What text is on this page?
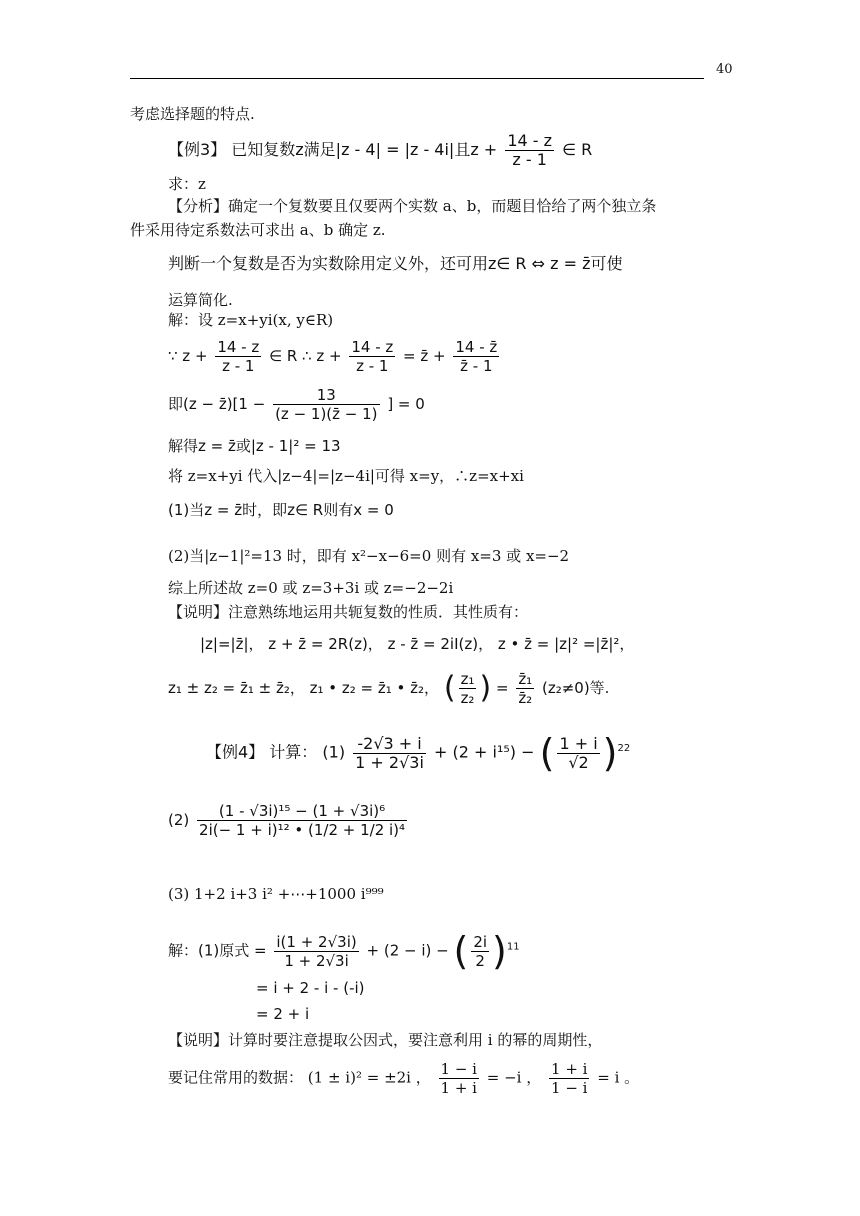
40
考虑选择题的特点.
【例3】 已知复数z满足|z - 4| = |z - 4i|且$z + \frac{14 - z}{z - 1}$ ∈ R
求：z
【分析】确定一个复数要且仅要两个实数 a、b，而题目恰给了两个独立条
件采用待定系数法可求出 a、b 确定 z.
判断一个复数是否为实数除用定义外，还可用z∈ R ⇔ z = z̄可使
运算简化.
解：设 z=x+yi(x, y∈R)
∵ $z + \frac{14 - z}{z - 1}$ ∈ R ∴ $z + \frac{14 - z}{z - 1}$ = z̄ + $\frac{14 - z̄}{z̄ - 1}$
即(z − z̄)[1 − $\frac{13}{(z - 1)(z̄ - 1)}$ ] = 0
解得z = z̄或|z - 1|² = 13
将 z=x+yi 代入|z−4|=|z−4i|可得 x=y，∴z=x+xi
(1)当z = z̄时，即z∈ R则有x = 0
(2)当|z−1|²=13 时，即有 x²−x−6=0 则有 x=3 或 x=−2
综上所述故 z=0 或 z=3+3i 或 z=−2−2i
【说明】注意熟练地运用共轭复数的性质．其性质有：
|z|=|z̄|， z + z̄ = 2R(z)， z - z̄ = 2iI(z)， z • z̄ = |z|² =|z̄|²，
z₁ ± z₂ = z̄₁ ± z̄₂， z₁ • z₂ = z̄₁ • z̄₂， ( $\frac{\text{z₁}}{\text{z₂}}$ ) = $\frac{\text{z̄₁}}{\text{z̄₂}} (z_2\ne 0)$等.
【例4】 计算： $(1) \frac{-2√3 + i}{1 + 2√3i} + (2 + i^{15})$ − ( $\frac{1 + i}{√2} )^{22}$
$(2) \frac{\text{(1 - √3i)¹⁵ − (1 + √3i)⁶}}{\text{2i(− 1 + i)¹² • (1/2 + 1/2 i)⁴}}$
(3) 1+2 i+3 i² +⋯+1000 i⁹⁹⁹
解：(1)原式 = $\frac{i(1 + 2√3i)}{1 + 2√3i} + (2 - i)$ − ( $\frac{2i}{2} )^{11}$
= i + 2 - i - (-i)
= 2 + i
【说明】计算时要注意提取公因式，要注意利用 i 的幂的周期性，
要记住常用的数据： (1 ± i)² = ±2i ， $\frac{1 - i}{1 + i} = -i$ ， $\frac{1 + i}{1 - i} = i$ 。
